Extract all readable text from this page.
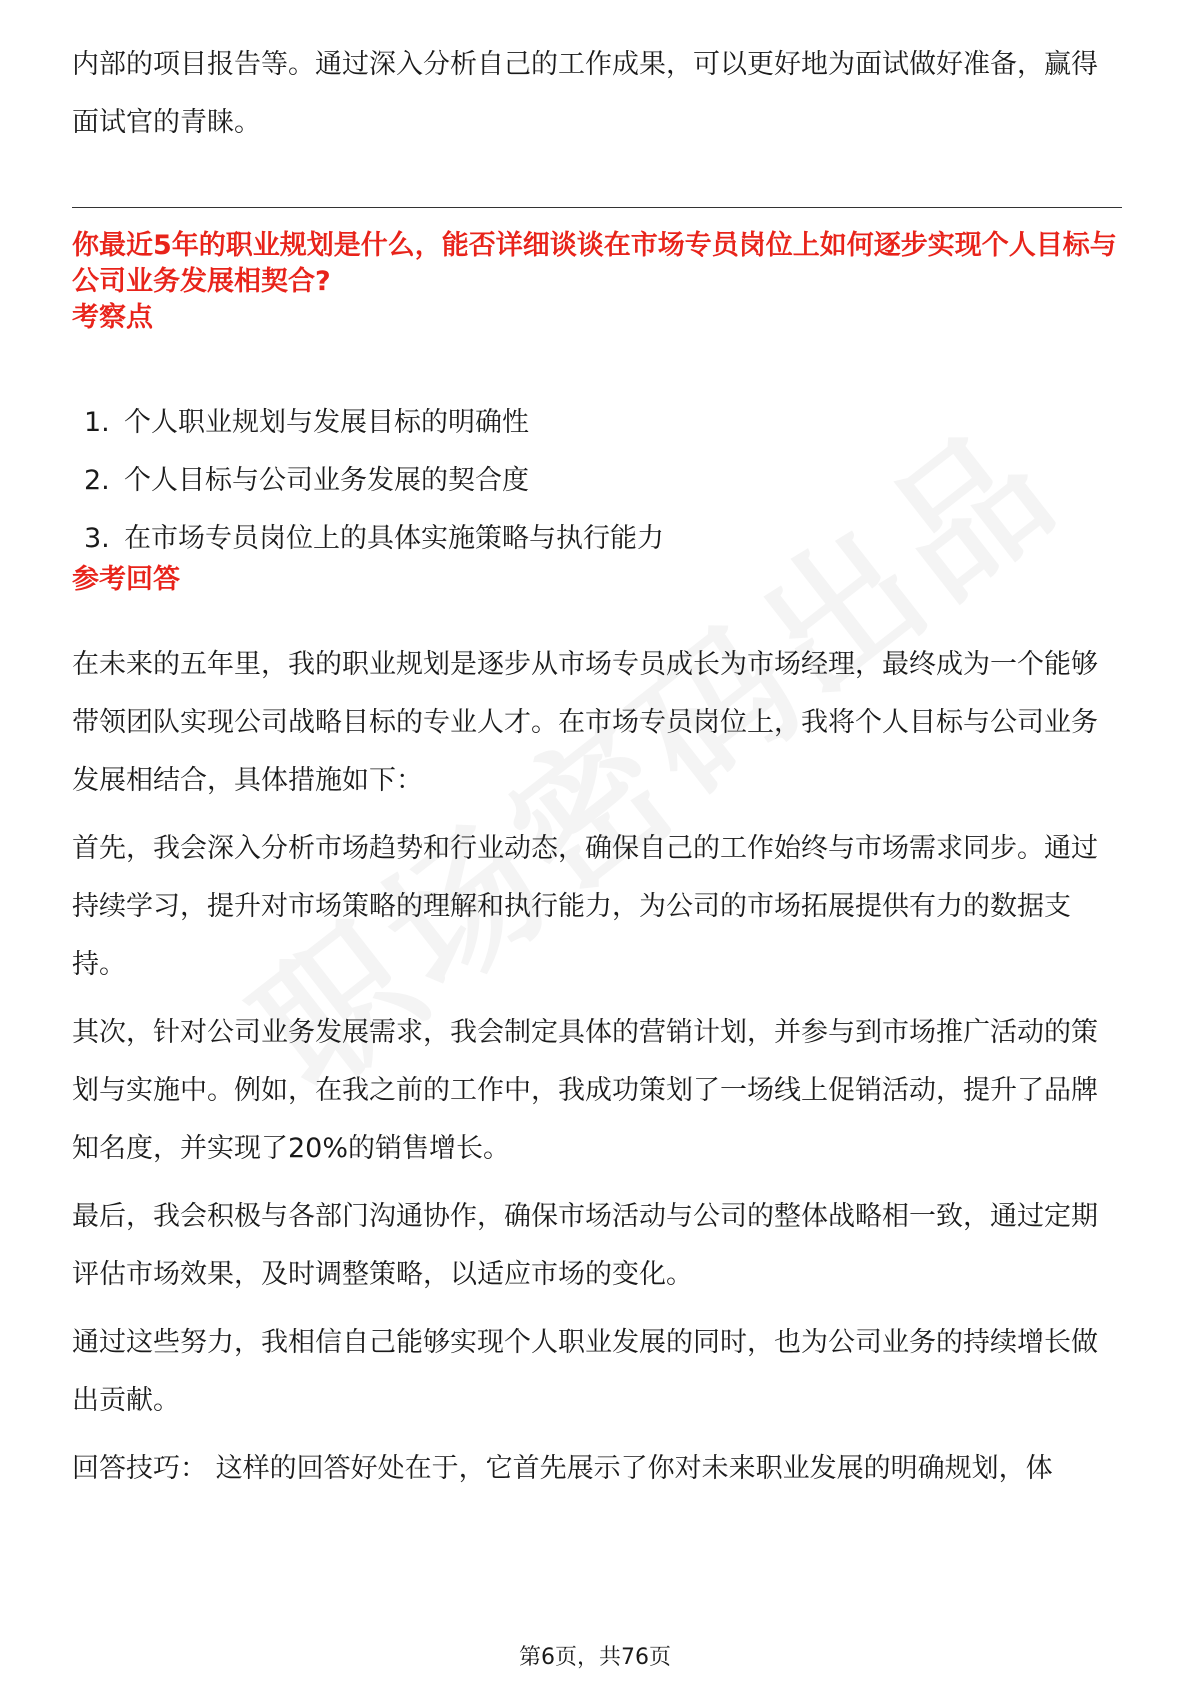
内部的项目报告等。通过深入分析自己的工作成果，可以更好地为面试做好准备，赢得面试官的青睐。

你最近5年的职业规划是什么，能否详细谈谈在市场专员岗位上如何逐步实现个人目标与公司业务发展相契合?

考察点

1. 个人职业规划与发展目标的明确性
2. 个人目标与公司业务发展的契合度
3. 在市场专员岗位上的具体实施策略与执行能力

参考回答

在未来的五年里，我的职业规划是逐步从市场专员成长为市场经理，最终成为一个能够带领团队实现公司战略目标的专业人才。在市场专员岗位上，我将个人目标与公司业务发展相结合，具体措施如下：

首先，我会深入分析市场趋势和行业动态，确保自己的工作始终与市场需求同步。通过持续学习，提升对市场策略的理解和执行能力，为公司的市场拓展提供有力的数据支持。

其次，针对公司业务发展需求，我会制定具体的营销计划，并参与到市场推广活动的策划与实施中。例如，在我之前的工作中，我成功策划了一场线上促销活动，提升了品牌知名度，并实现了20%的销售增长。

最后，我会积极与各部门沟通协作，确保市场活动与公司的整体战略相一致，通过定期评估市场效果，及时调整策略，以适应市场的变化。

通过这些努力，我相信自己能够实现个人职业发展的同时，也为公司业务的持续增长做出贡献。

回答技巧： 这样的回答好处在于，它首先展示了你对未来职业发展的明确规划，体

第6页，共76页
